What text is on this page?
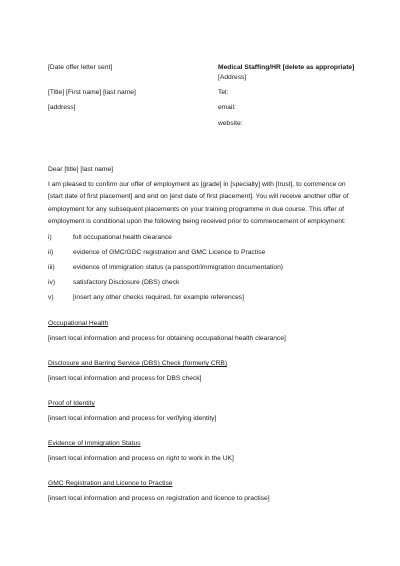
[Date offer letter sent]
[Title] [First name] [last name]
[address]
Medical Staffing/HR [delete as appropriate]
[Address]
Tel:
email:
website:
Dear [title] [last name]
I am pleased to confirm our offer of employment as [grade] in [specialty] with [trust], to commence on [start date of first placement] and end on [end date of first placement]. You will receive another offer of employment for any subsequent placements on your training programme in due course. This offer of employment is conditional upon the following being received prior to commencement of employment:
i)	full occupational health clearance
ii)	evidence of GMC/GDC registration and GMC Licence to Practise
iii)	evidence of immigration status (a passport/immigration documentation)
iv)	satisfactory Disclosure (DBS) check
v)	[insert any other checks required, for example references]
Occupational Health
[insert local information and process for obtaining occupational health clearance]
Disclosure and Barring Service (DBS) Check (formerly CRB)
[insert local information and process for DBS check]
Proof of Identity
[insert local information and process for verifying identity]
Evidence of Immigration Status
[insert local information and process on right to work in the UK]
GMC Registration and Licence to Practise
[insert local information and process on registration and licence to practise]
